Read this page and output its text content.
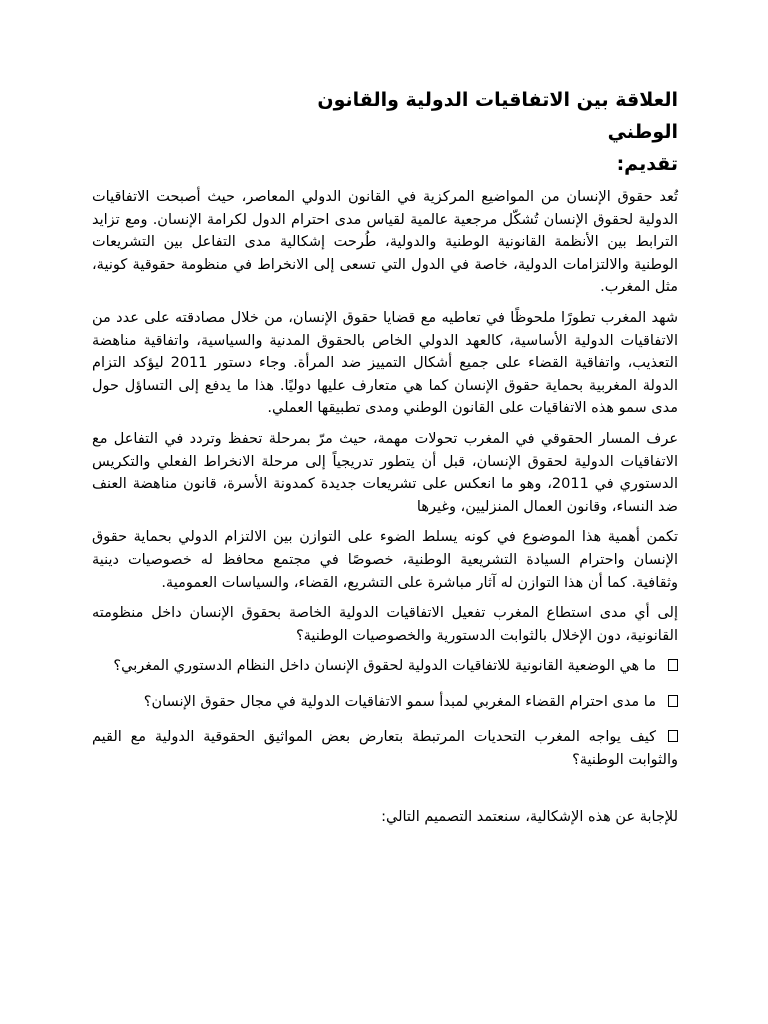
العلاقة بين الاتفاقيات الدولية والقانون الوطني
تقديم:

تُعد حقوق الإنسان من المواضيع المركزية في القانون الدولي المعاصر، حيث أصبحت الاتفاقيات الدولية لحقوق الإنسان تُشكّل مرجعية عالمية لقياس مدى احترام الدول لكرامة الإنسان. ومع تزايد الترابط بين الأنظمة القانونية الوطنية والدولية، طُرحت إشكالية مدى التفاعل بين التشريعات الوطنية والالتزامات الدولية، خاصة في الدول التي تسعى إلى الانخراط في منظومة حقوقية كونية، مثل المغرب.

شهد المغرب تطورًا ملحوظًا في تعاطيه مع قضايا حقوق الإنسان، من خلال مصادقته على عدد من الاتفاقيات الدولية الأساسية، كالعهد الدولي الخاص بالحقوق المدنية والسياسية، واتفاقية مناهضة التعذيب، واتفاقية القضاء على جميع أشكال التمييز ضد المرأة. وجاء دستور 2011 ليؤكد التزام الدولة المغربية بحماية حقوق الإنسان كما هي متعارف عليها دوليًا. هذا ما يدفع إلى التساؤل حول مدى سمو هذه الاتفاقيات على القانون الوطني ومدى تطبيقها العملي.

عرف المسار الحقوقي في المغرب تحولات مهمة، حيث مرّ بمرحلة تحفظ وتردد في التفاعل مع الاتفاقيات الدولية لحقوق الإنسان، قبل أن يتطور تدريجياً إلى مرحلة الانخراط الفعلي والتكريس الدستوري في 2011، وهو ما انعكس على تشريعات جديدة كمدونة الأسرة، قانون مناهضة العنف ضد النساء، وقانون العمال المنزليين، وغيرها

تكمن أهمية هذا الموضوع في كونه يسلط الضوء على التوازن بين الالتزام الدولي بحماية حقوق الإنسان واحترام السيادة التشريعية الوطنية، خصوصًا في مجتمع محافظ له خصوصيات دينية وثقافية. كما أن هذا التوازن له آثار مباشرة على التشريع، القضاء، والسياسات العمومية.

إلى أي مدى استطاع المغرب تفعيل الاتفاقيات الدولية الخاصة بحقوق الإنسان داخل منظومته القانونية، دون الإخلال بالثوابت الدستورية والخصوصيات الوطنية؟

ما هي الوضعية القانونية للاتفاقيات الدولية لحقوق الإنسان داخل النظام الدستوري المغربي؟

ما مدى احترام القضاء المغربي لمبدأ سمو الاتفاقيات الدولية في مجال حقوق الإنسان؟

كيف يواجه المغرب التحديات المرتبطة بتعارض بعض المواثيق الحقوقية الدولية مع القيم والثوابت الوطنية؟

للإجابة عن هذه الإشكالية، سنعتمد التصميم التالي:
